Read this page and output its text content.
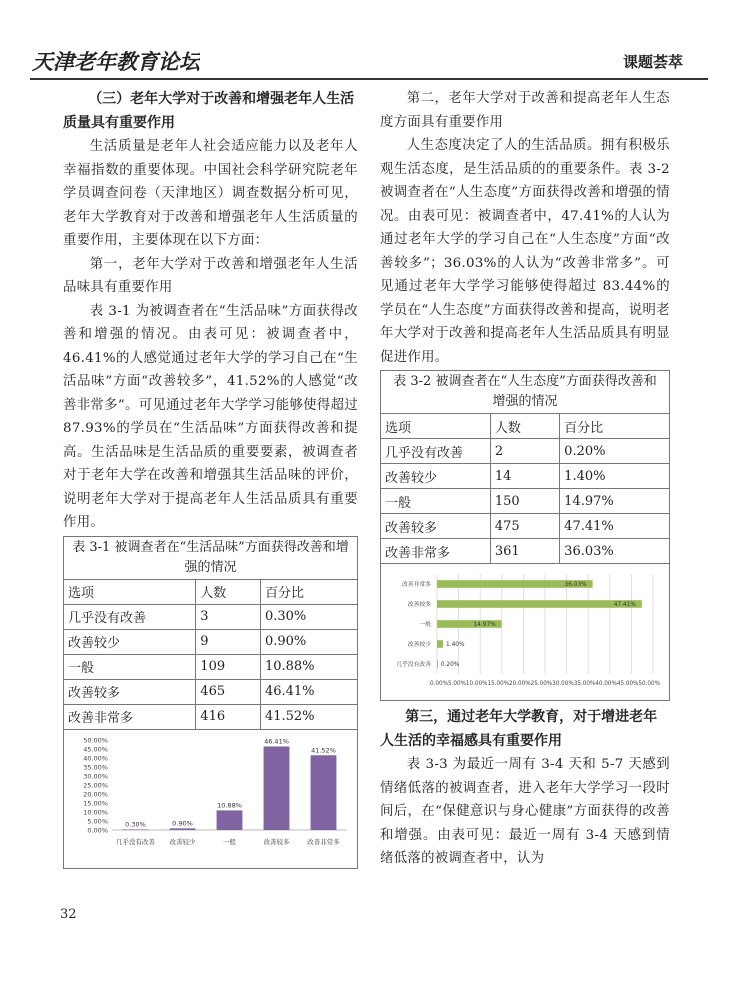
天津老年教育论坛	课题荟萃

（三）老年大学对于改善和增强老年人生活质量具有重要作用

生活质量是老年人社会适应能力以及老年人幸福指数的重要体现。中国社会科学研究院老年学员调查问卷（天津地区）调查数据分析可见，老年大学教育对于改善和增强老年人生活质量的重要作用，主要体现在以下方面：

第一，老年大学对于改善和增强老年人生活品味具有重要作用

表 3-1 为被调查者在“生活品味”方面获得改善和增强的情况。由表可见：被调查者中，46.41%的人感觉通过老年大学的学习自己在“生活品味”方面“改善较多”，41.52%的人感觉“改善非常多”。可见通过老年大学学习能够使得超过 87.93%的学员在“生活品味”方面获得改善和提高。生活品味是生活品质的重要要素，被调查者对于老年大学在改善和增强其生活品味的评价，说明老年大学对于提高老年人生活品质具有重要作用。

表 3-1 被调查者在“生活品味”方面获得改善和增强的情况		
选项	人数	百分比
几乎没有改善	3	0.30%
改善较少	9	0.90%
一般	109	10.88%
改善较多	465	46.41%
改善非常多	416	41.52%
0.00%
5.00%
10.00%
15.00%
20.00%
25.00%
30.00%
35.00%
40.00%
45.00%
50.00%
0.30%
几乎没有改善
0.90%
改善较少
10.88%
一般
46.41%
改善较多
41.52%
改善非常多

第二，老年大学对于改善和提高老年人生态度方面具有重要作用

人生态度决定了人的生活品质。拥有积极乐观生活态度，是生活品质的的重要条件。表 3-2 被调查者在“人生态度”方面获得改善和增强的情况。由表可见：被调查者中，47.41%的人认为通过老年大学的学习自己在“人生态度”方面“改善较多”；36.03%的人认为“改善非常多”。可见通过老年大学学习能够使得超过 83.44%的学员在“人生态度”方面获得改善和提高，说明老年大学对于改善和提高老年人生活品质具有明显促进作用。

表 3-2 被调查者在“人生态度”方面获得改善和增强的情况		
选项	人数	百分比
几乎没有改善	2	0.20%
改善较少	14	1.40%
一般	150	14.97%
改善较多	475	47.41%
改善非常多	361	36.03%
0.00%5.00%10.00%15.00%20.00%25.00%30.00%35.00%40.00%45.00%50.00%
改善非常多	36.03%
改善较多	47.41%
一般	14.97%
改善较少	1.40%
几乎没有改善 0.20%

第三，通过老年大学教育，对于增进老年人生活的幸福感具有重要作用

表 3-3 为最近一周有 3-4 天和 5-7 天感到情绪低落的被调查者，进入老年大学学习一段时间后，在“保健意识与身心健康”方面获得的改善和增强。由表可见：最近一周有 3-4 天感到情绪低落的被调查者中，认为

32
